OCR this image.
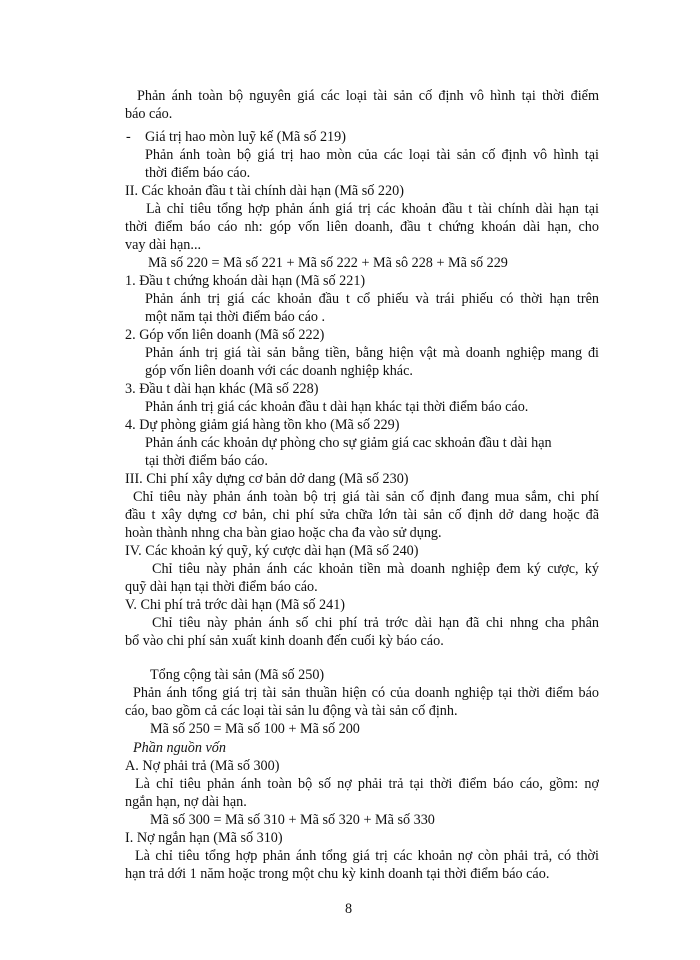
Phản ánh toàn bộ nguyên giá các loại tài sản cố định vô hình tại thời điểm
báo cáo.
- Giá trị hao mòn luỹ kế (Mã số 219)
Phản ánh toàn bộ giá trị hao mòn của các loại tài sản cố định vô hình tại
thời điểm báo cáo.
II. Các khoản đầu t tài chính dài hạn (Mã số 220)
Là chỉ tiêu tổng hợp phản ánh giá trị các khoản đầu t tài chính dài hạn tại
thời điểm báo cáo nh: góp vốn liên doanh, đầu t chứng khoán dài hạn, cho
vay dài hạn...
Mã số 220 = Mã số 221 + Mã số 222 + Mã sô 228 + Mã số 229
1. Đầu t chứng khoán dài hạn (Mã số 221)
Phản ánh trị giá các khoản đầu t cổ phiếu và trái phiếu có thời hạn trên
một năm tại thời điểm báo cáo .
2. Góp vốn liên doanh (Mã số 222)
Phản ánh trị giá tài sản bằng tiền, bằng hiện vật mà doanh nghiệp mang đi
góp vốn liên doanh với các doanh nghiệp khác.
3. Đầu t dài hạn khác (Mã số 228)
Phản ánh trị giá các khoản đầu t dài hạn khác tại thời điểm báo cáo.
4. Dự phòng giảm giá hàng tồn kho (Mã số 229)
Phản ánh các khoản dự phòng cho sự giảm giá cac skhoản đầu t dài hạn
tại thời điểm báo cáo.
III. Chi phí xây dựng cơ bản dở dang (Mã số 230)
Chỉ tiêu này phản ánh toàn bộ trị giá tài sản cố định đang mua sắm, chi phí
đầu t xây dựng cơ bản, chi phí sửa chữa lớn tài sản cố định dở dang hoặc đã
hoàn thành nhng cha bàn giao hoặc cha đa vào sử dụng.
IV. Các khoản ký quỹ, ký cược dài hạn (Mã số 240)
Chỉ tiêu này phản ánh các khoản tiền mà doanh nghiệp đem ký cược, ký
quỹ dài hạn tại thời điểm báo cáo.
V. Chi phí trả trớc dài hạn (Mã số 241)
Chỉ tiêu này phản ánh số chi phí trả trớc dài hạn đã chi nhng cha phân
bổ vào chi phí sản xuất kinh doanh đến cuối kỳ báo cáo.
Tổng cộng tài sản (Mã số 250)
Phản ánh tổng giá trị tài sản thuần hiện có của doanh nghiệp tại thời điểm báo
cáo, bao gồm cả các loại tài sản lu động và tài sản cố định.
Mã số 250 = Mã số 100 + Mã số 200
Phần nguồn vốn
A. Nợ phải trả (Mã số 300)
Là chỉ tiêu phản ánh toàn bộ số nợ phải trả tại thời điểm báo cáo, gồm: nợ
ngắn hạn, nợ dài hạn.
Mã số 300 = Mã số 310 + Mã số 320 + Mã số 330
I. Nợ ngắn hạn (Mã số 310)
Là chỉ tiêu tổng hợp phản ánh tổng giá trị các khoản nợ còn phải trả, có thời
hạn trả dới 1 năm hoặc trong một chu kỳ kinh doanh tại thời điểm báo cáo.
8
